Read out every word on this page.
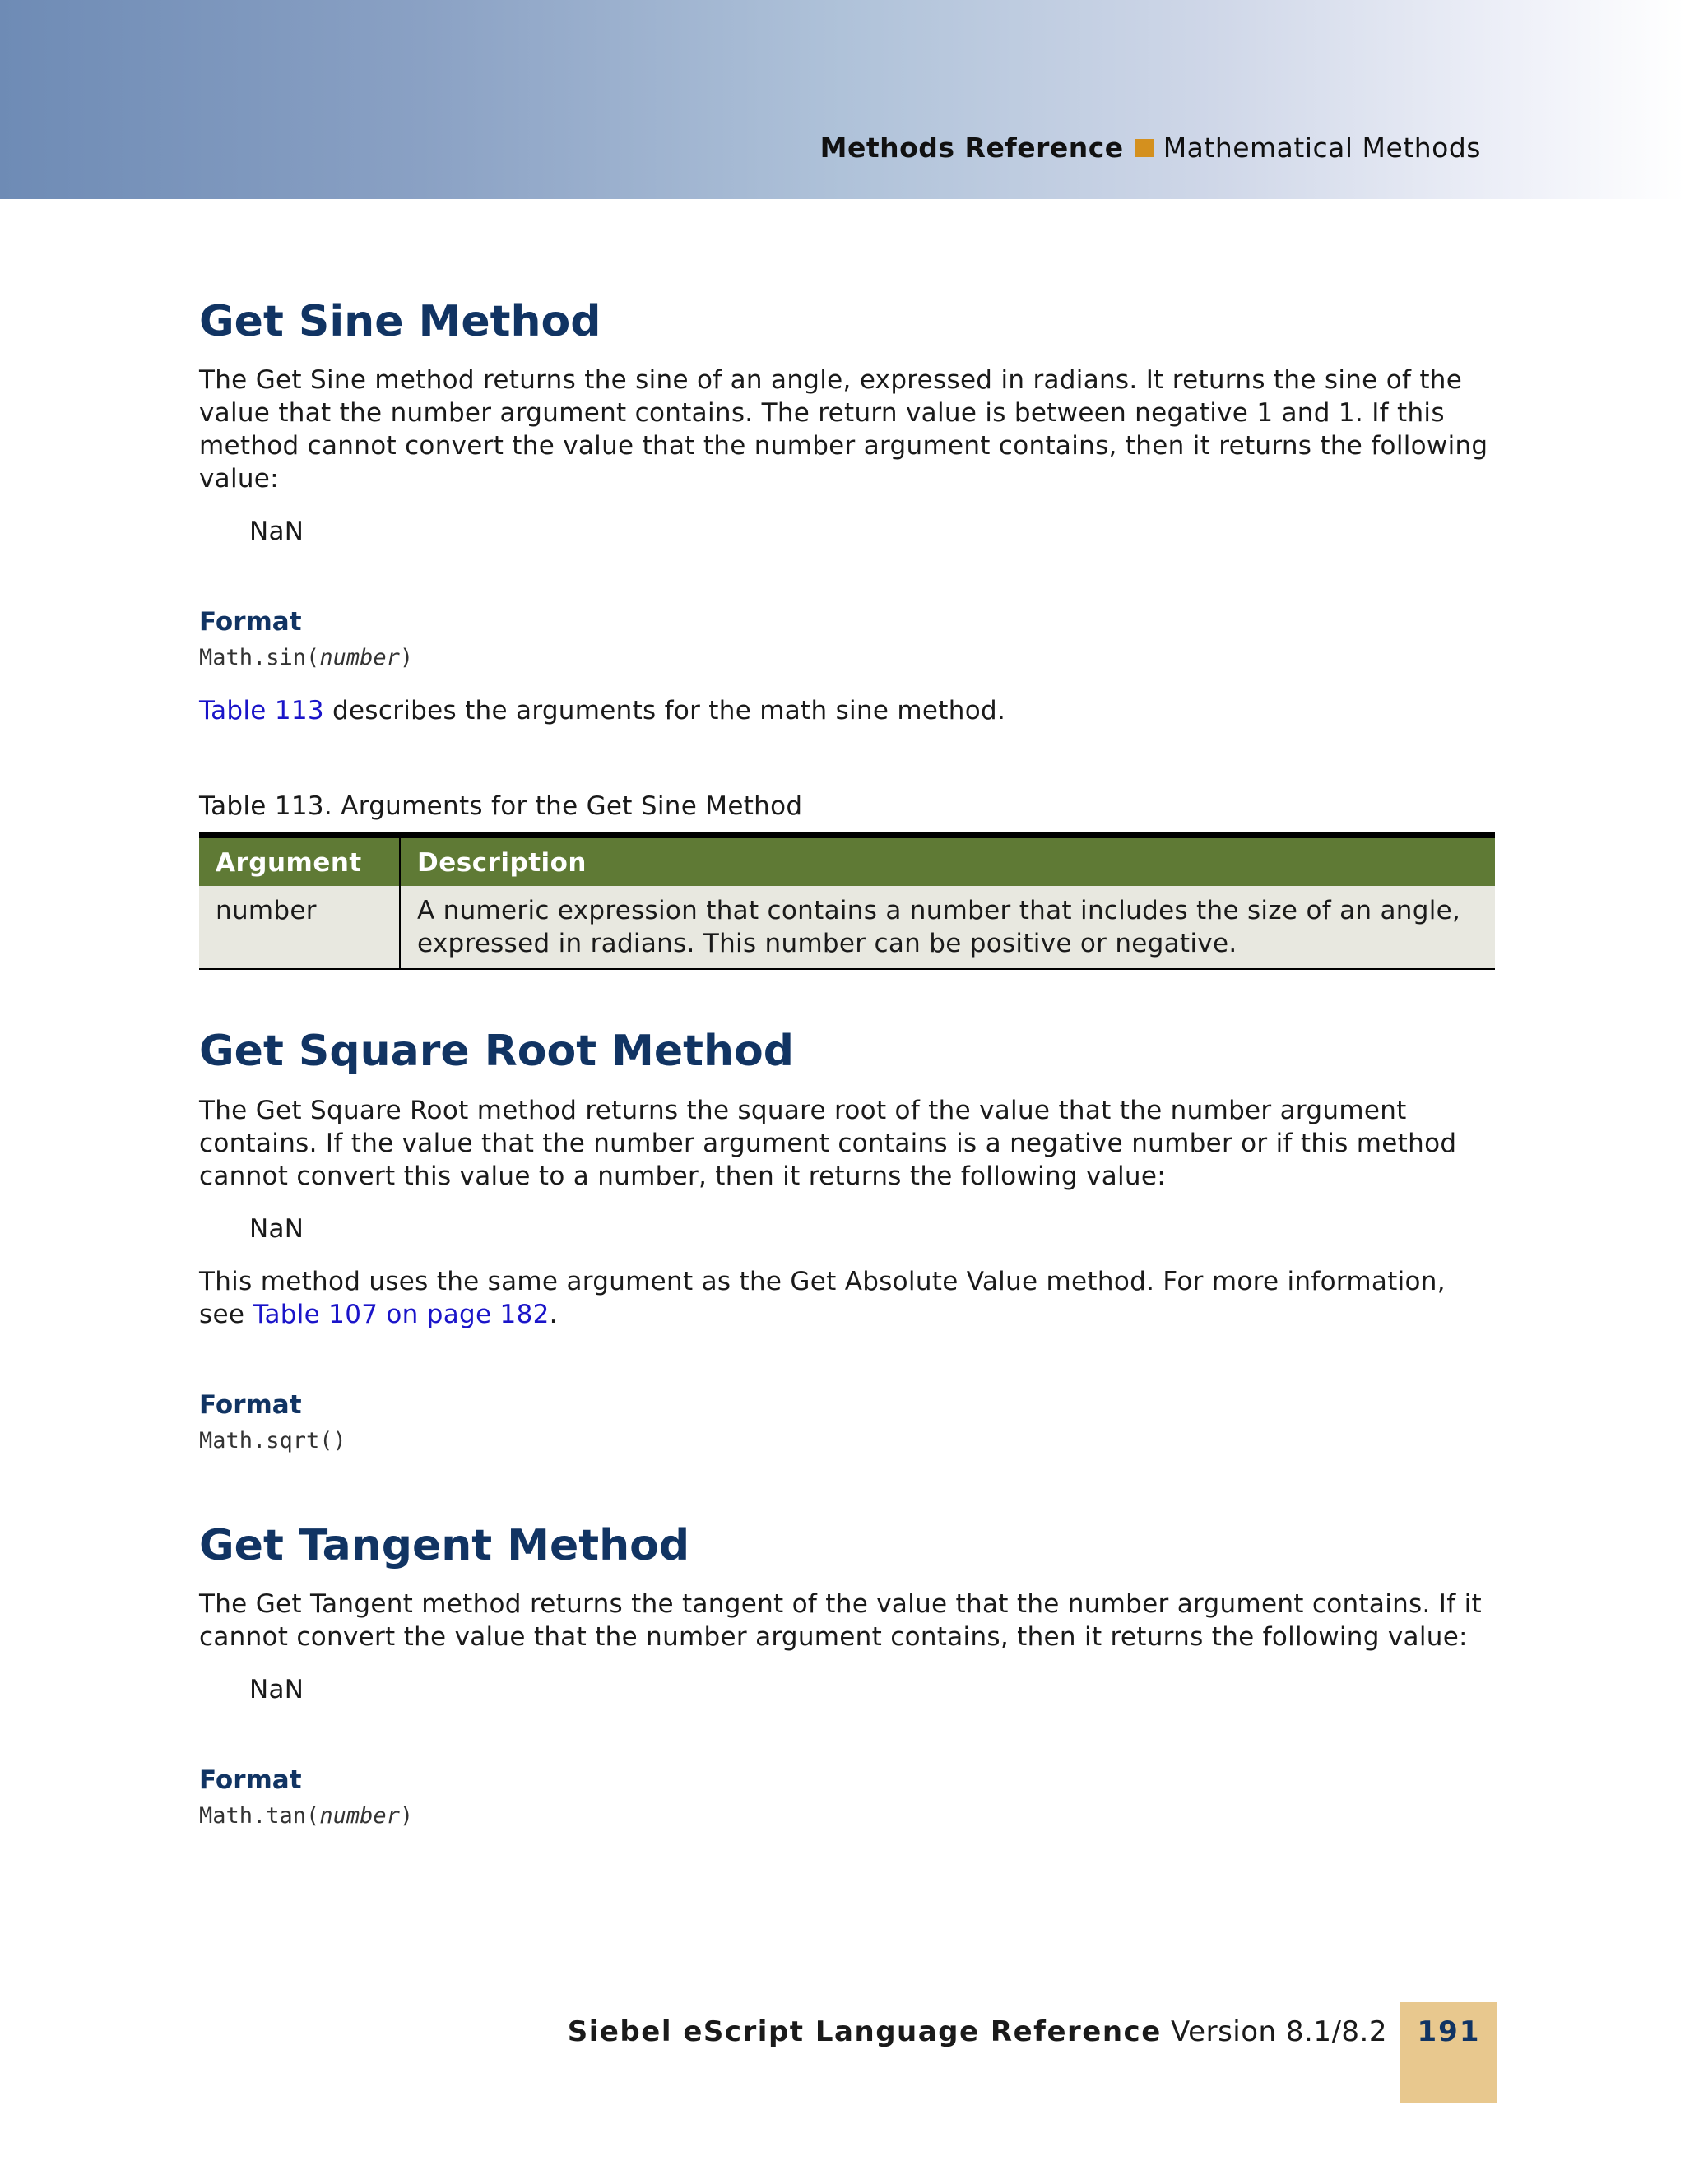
Methods Reference Mathematical Methods
Get Sine Method

The Get Sine method returns the sine of an angle, expressed in radians. It returns the sine of the value that the number argument contains. The return value is between negative 1 and 1. If this method cannot convert the value that the number argument contains, then it returns the following value:

NaN

Format
Math.sin(number)

Table 113 describes the arguments for the math sine method.

Table 113. Arguments for the Get Sine Method
Argument	Description
number	A numeric expression that contains a number that includes the size of an angle, expressed in radians. This number can be positive or negative.
Get Square Root Method

The Get Square Root method returns the square root of the value that the number argument contains. If the value that the number argument contains is a negative number or if this method cannot convert this value to a number, then it returns the following value:

NaN

This method uses the same argument as the Get Absolute Value method. For more information, see Table 107 on page 182.

Format
Math.sqrt()
Get Tangent Method

The Get Tangent method returns the tangent of the value that the number argument contains. If it cannot convert the value that the number argument contains, then it returns the following value:

NaN

Format
Math.tan(number)
Siebel eScript Language Reference Version 8.1/8.2	191
